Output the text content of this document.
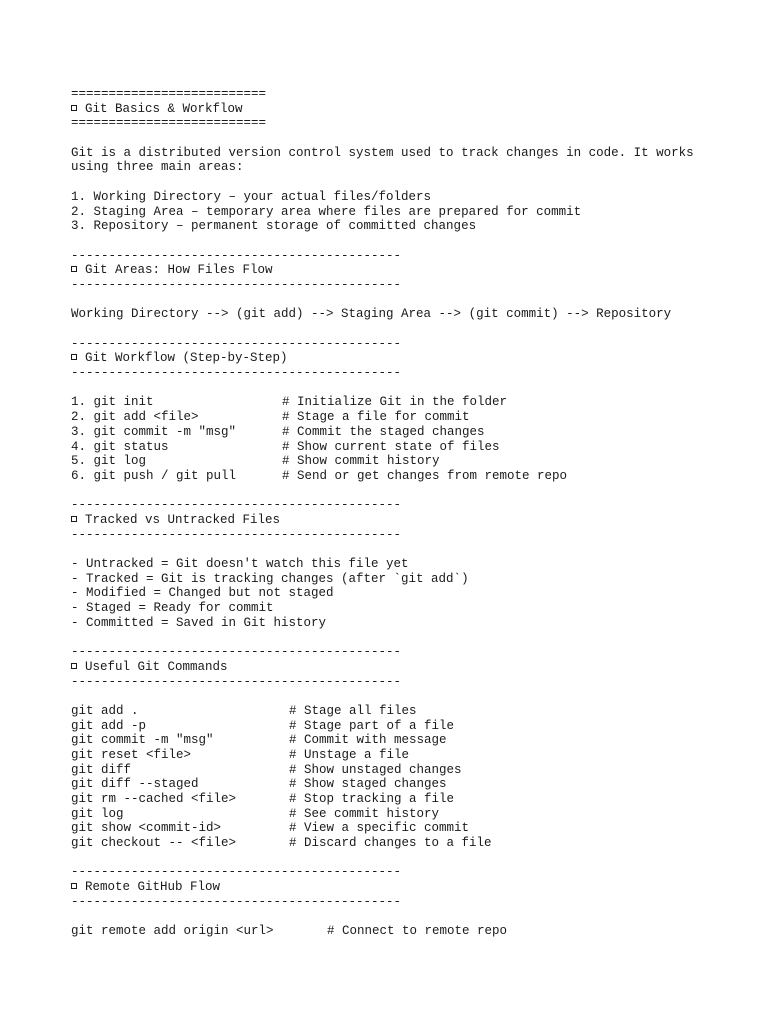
==========================
Git Basics & Workflow
==========================
Git is a distributed version control system used to track changes in code. It works
using three main areas:
1. Working Directory – your actual files/folders
2. Staging Area – temporary area where files are prepared for commit
3. Repository – permanent storage of committed changes
--------------------------------------------
Git Areas: How Files Flow
--------------------------------------------
Working Directory --> (git add) --> Staging Area --> (git commit) --> Repository
--------------------------------------------
Git Workflow (Step-by-Step)
--------------------------------------------
1. git init	# Initialize Git in the folder
2. git add <file>	# Stage a file for commit
3. git commit -m "msg"	# Commit the staged changes
4. git status	# Show current state of files
5. git log	# Show commit history
6. git push / git pull	# Send or get changes from remote repo
--------------------------------------------
Tracked vs Untracked Files
--------------------------------------------
- Untracked = Git doesn't watch this file yet
- Tracked = Git is tracking changes (after `git add`)
- Modified = Changed but not staged
- Staged = Ready for commit
- Committed = Saved in Git history
--------------------------------------------
Useful Git Commands
--------------------------------------------
git add .	# Stage all files
git add -p	# Stage part of a file
git commit -m "msg"	# Commit with message
git reset <file>	# Unstage a file
git diff	# Show unstaged changes
git diff --staged	# Show staged changes
git rm --cached <file>	# Stop tracking a file
git log	# See commit history
git show <commit-id>	# View a specific commit
git checkout -- <file>	# Discard changes to a file
--------------------------------------------
Remote GitHub Flow
--------------------------------------------
git remote add origin <url>	# Connect to remote repo
